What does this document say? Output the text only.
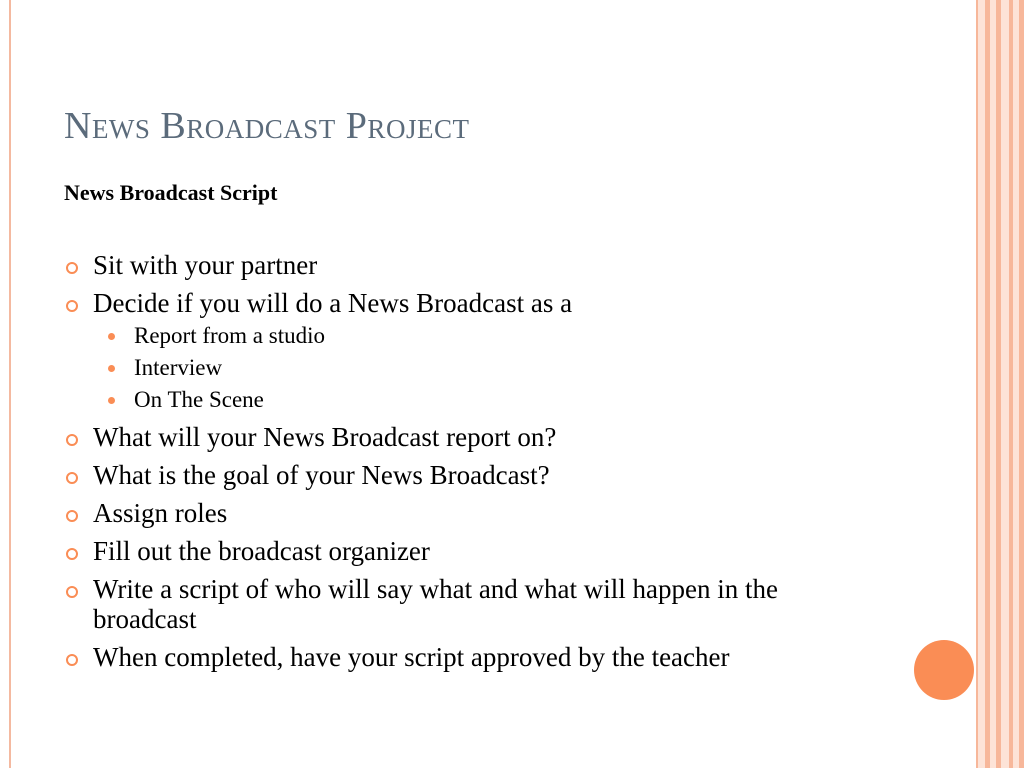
News Broadcast Project

News Broadcast Script

Sit with your partner
Decide if you will do a News Broadcast as a
Report from a studio
Interview
On The Scene
What will your News Broadcast report on?
What is the goal of your News Broadcast?
Assign roles
Fill out the broadcast organizer
Write a script of who will say what and what will happen in the broadcast
When completed, have your script approved by the teacher
